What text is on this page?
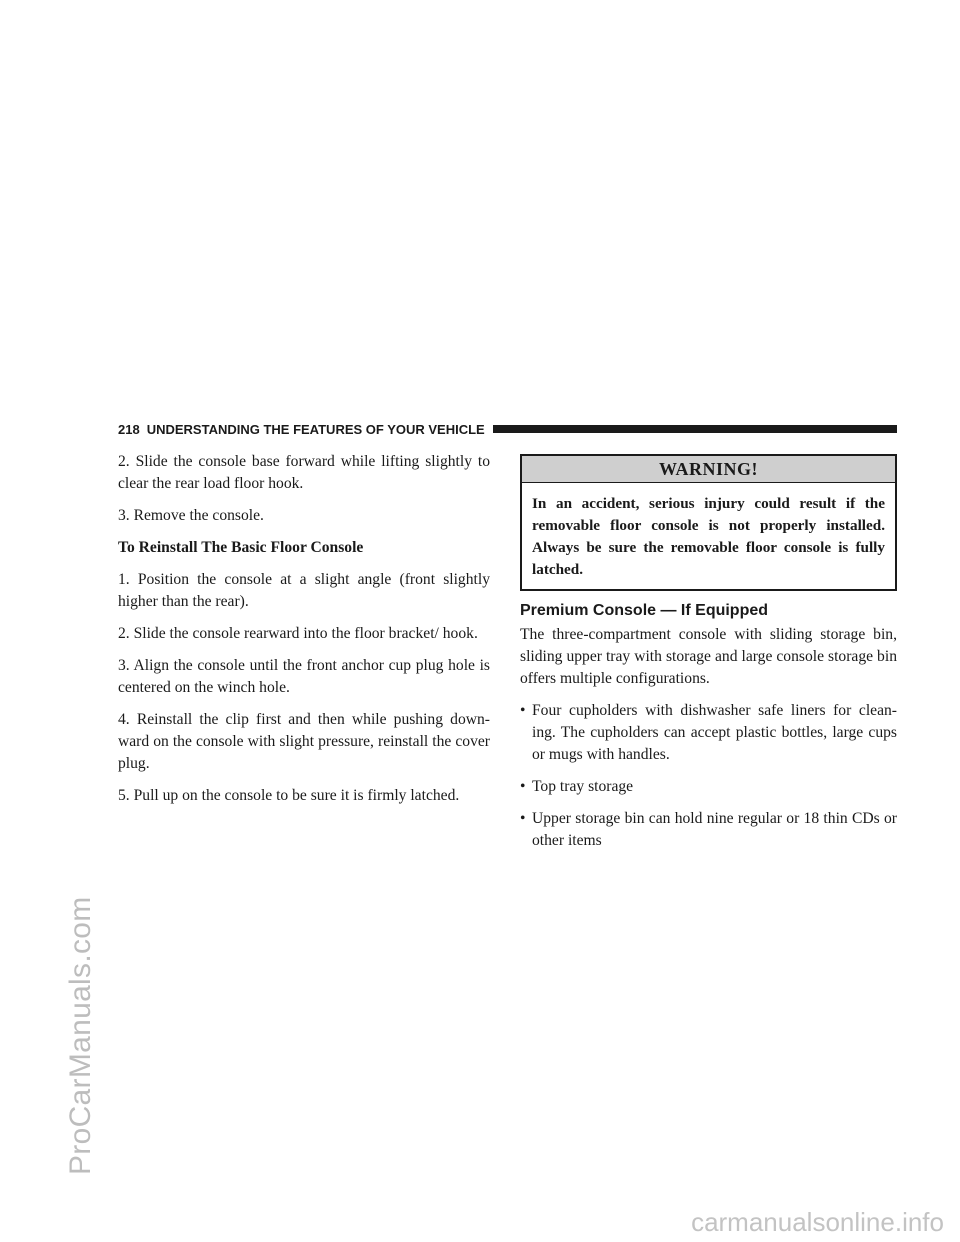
ProCarManuals.com
218 UNDERSTANDING THE FEATURES OF YOUR VEHICLE

2. Slide the console base forward while lifting slightly to clear the rear load floor hook.

3. Remove the console.

To Reinstall The Basic Floor Console

1. Position the console at a slight angle (front slightly higher than the rear).

2. Slide the console rearward into the floor bracket/ hook.

3. Align the console until the front anchor cup plug hole is centered on the winch hole.

4. Reinstall the clip first and then while pushing down- ward on the console with slight pressure, reinstall the cover plug.

5. Pull up on the console to be sure it is firmly latched.

WARNING!

In an accident, serious injury could result if the removable floor console is not properly installed. Always be sure the removable floor console is fully latched.

Premium Console — If Equipped

The three-compartment console with sliding storage bin, sliding upper tray with storage and large console storage bin offers multiple configurations.

• Four cupholders with dishwasher safe liners for clean- ing. The cupholders can accept plastic bottles, large cups or mugs with handles.
• Top tray storage
• Upper storage bin can hold nine regular or 18 thin CDs or other items
carmanualsonline.info
